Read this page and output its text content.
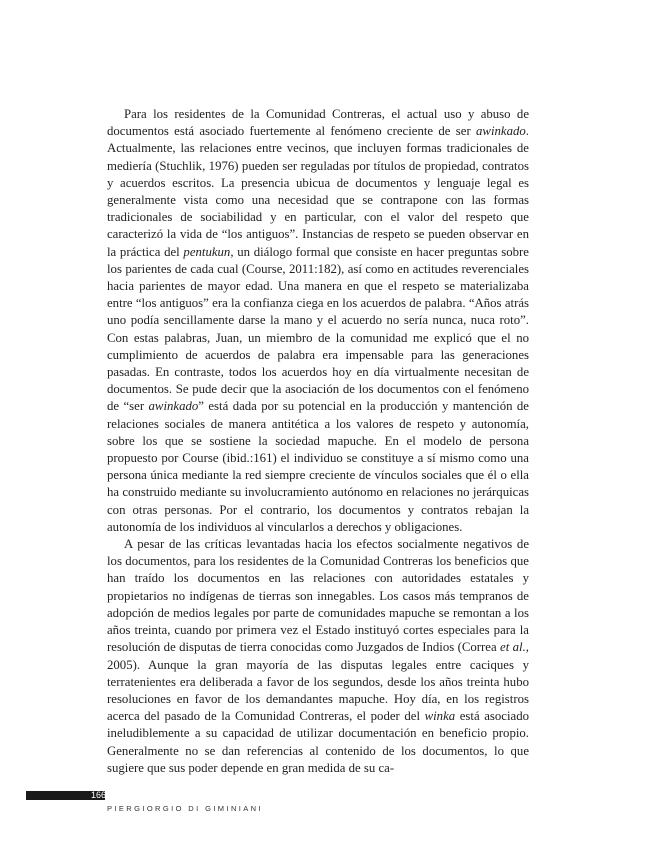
Para los residentes de la Comunidad Contreras, el actual uso y abuso de documentos está asociado fuertemente al fenómeno creciente de ser awinkado. Actualmente, las relaciones entre vecinos, que incluyen formas tradicionales de mediería (Stuchlik, 1976) pueden ser reguladas por títulos de propiedad, contratos y acuerdos escritos. La presencia ubicua de documentos y lenguaje legal es generalmente vista como una necesidad que se contrapone con las formas tradicionales de sociabilidad y en particular, con el valor del respeto que caracterizó la vida de “los antiguos”. Instancias de respeto se pueden observar en la práctica del pentukun, un diálogo formal que consiste en hacer preguntas sobre los parientes de cada cual (Course, 2011:182), así como en actitudes reverenciales hacia parientes de mayor edad. Una manera en que el respeto se materializaba entre “los antiguos” era la confianza ciega en los acuerdos de palabra. “Años atrás uno podía sencillamente darse la mano y el acuerdo no sería nunca, nuca roto”. Con estas palabras, Juan, un miembro de la comunidad me explicó que el no cumplimiento de acuerdos de palabra era impensable para las generaciones pasadas. En contraste, todos los acuerdos hoy en día virtualmente necesitan de documentos. Se pude decir que la asociación de los documentos con el fenómeno de “ser awinkado” está dada por su potencial en la producción y mantención de relaciones sociales de manera antitética a los valores de respeto y autonomía, sobre los que se sostiene la sociedad mapuche. En el modelo de persona propuesto por Course (ibid.:161) el individuo se constituye a sí mismo como una persona única mediante la red siempre creciente de vínculos sociales que él o ella ha construido mediante su involucramiento autónomo en relaciones no jerárquicas con otras personas. Por el contrario, los documentos y contratos rebajan la autonomía de los individuos al vincularlos a derechos y obligaciones.

A pesar de las críticas levantadas hacia los efectos socialmente negativos de los documentos, para los residentes de la Comunidad Contreras los beneficios que han traído los documentos en las relaciones con autoridades estatales y propietarios no indígenas de tierras son innegables. Los casos más tempranos de adopción de medios legales por parte de comunidades mapuche se remontan a los años treinta, cuando por primera vez el Estado instituyó cortes especiales para la resolución de disputas de tierra conocidas como Juzgados de Indios (Correa et al., 2005). Aunque la gran mayoría de las disputas legales entre caciques y terratenientes era deliberada a favor de los segundos, desde los años treinta hubo resoluciones en favor de los demandantes mapuche. Hoy día, en los registros acerca del pasado de la Comunidad Contreras, el poder del winka está asociado ineludiblemente a su capacidad de utilizar documentación en beneficio propio. Generalmente no se dan referencias al contenido de los documentos, lo que sugiere que sus poder depende en gran medida de su ca-

166
PIERGIORGIO DI GIMINIANI
